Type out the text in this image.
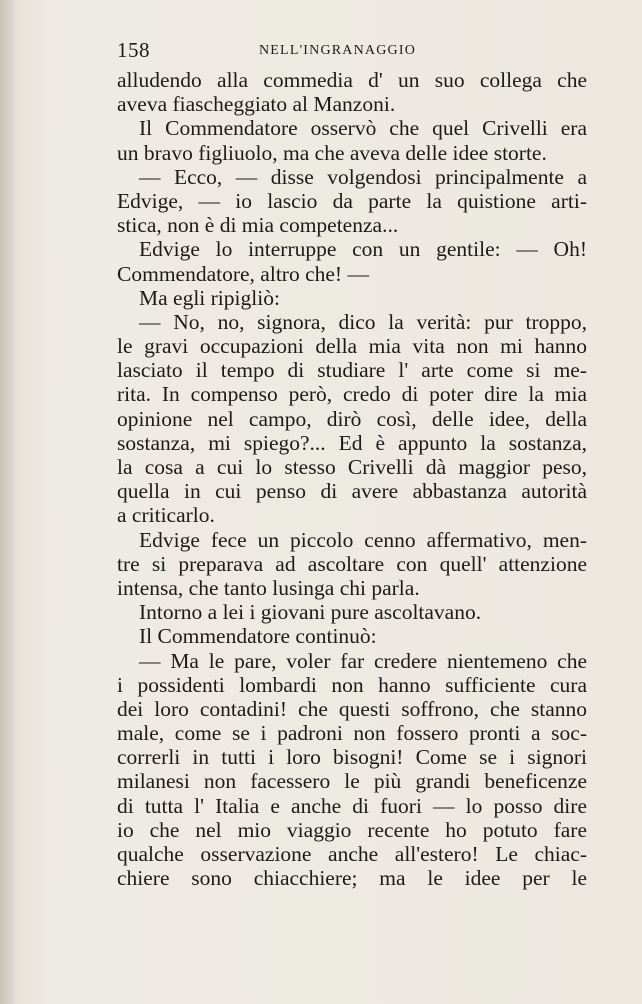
158	NELL'INGRANAGGIO
alludendo alla commedia d' un suo collega che
aveva fiascheggiato al Manzoni.
Il Commendatore osservò che quel Crivelli era
un bravo figliuolo, ma che aveva delle idee storte.
— Ecco, — disse volgendosi principalmente a
Edvige, — io lascio da parte la quistione arti-
stica, non è di mia competenza...
Edvige lo interruppe con un gentile: — Oh!
Commendatore, altro che! —
Ma egli ripigliò:
— No, no, signora, dico la verità: pur troppo,
le gravi occupazioni della mia vita non mi hanno
lasciato il tempo di studiare l' arte come si me-
rita. In compenso però, credo di poter dire la mia
opinione nel campo, dirò così, delle idee, della
sostanza, mi spiego?... Ed è appunto la sostanza,
la cosa a cui lo stesso Crivelli dà maggior peso,
quella in cui penso di avere abbastanza autorità
a criticarlo.
Edvige fece un piccolo cenno affermativo, men-
tre si preparava ad ascoltare con quell' attenzione
intensa, che tanto lusinga chi parla.
Intorno a lei i giovani pure ascoltavano.
Il Commendatore continuò:
— Ma le pare, voler far credere nientemeno che
i possidenti lombardi non hanno sufficiente cura
dei loro contadini! che questi soffrono, che stanno
male, come se i padroni non fossero pronti a soc-
correrli in tutti i loro bisogni! Come se i signori
milanesi non facessero le più grandi beneficenze
di tutta l' Italia e anche di fuori — lo posso dire
io che nel mio viaggio recente ho potuto fare
qualche osservazione anche all'estero! Le chiac-
chiere sono chiacchiere; ma le idee per le
